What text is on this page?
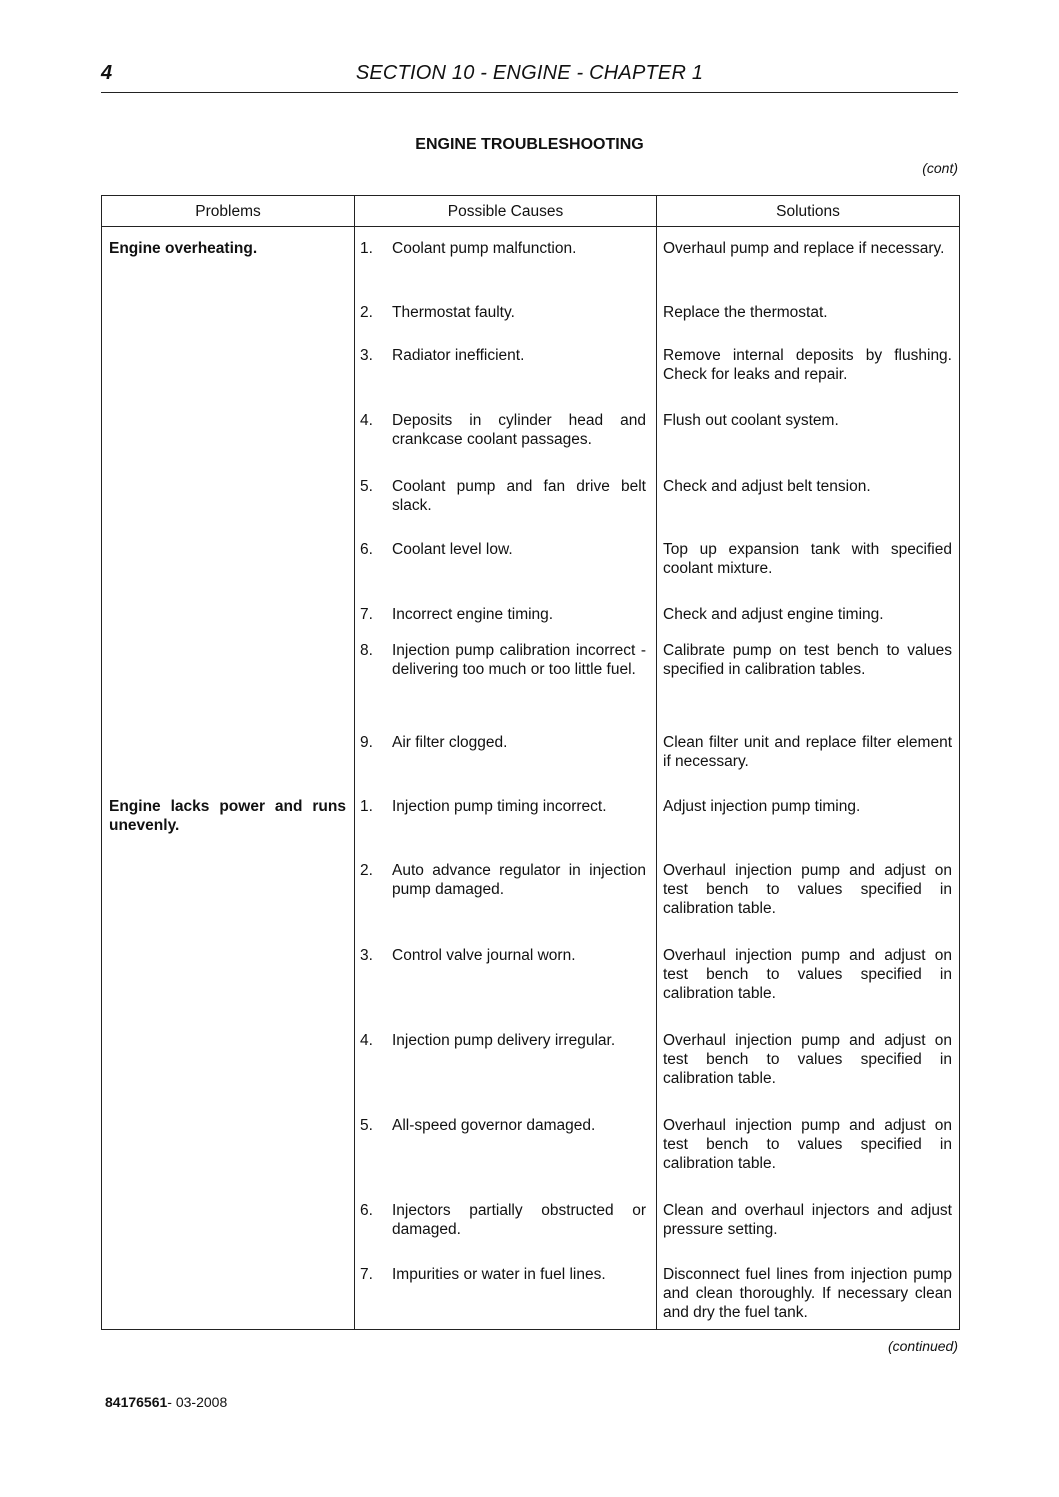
4	SECTION 10 - ENGINE - CHAPTER 1
ENGINE TROUBLESHOOTING
(cont)
Problems	Possible Causes	Solutions

Engine overheating.	1. Coolant pump malfunction.	Overhaul pump and replace if necessary.

	2. Thermostat faulty.	Replace the thermostat.

	3. Radiator inefficient.	Remove internal deposits by flushing. Check for leaks and repair.

	4. Deposits in cylinder head and crankcase coolant passages.	Flush out coolant system.

	5. Coolant pump and fan drive belt slack.	Check and adjust belt tension.

	6. Coolant level low.	Top up expansion tank with specified coolant mixture.

	7. Incorrect engine timing.	Check and adjust engine timing.

	8. Injection pump calibration incorrect - delivering too much or too little fuel.	Calibrate pump on test bench to values specified in calibration tables.

	9. Air filter clogged.	Clean filter unit and replace filter element if necessary.

Engine lacks power and runs unevenly.	1. Injection pump timing incorrect.	Adjust injection pump timing.

	2. Auto advance regulator in injection pump damaged.	Overhaul injection pump and adjust on test bench to values specified in calibration table.

	3. Control valve journal worn.	Overhaul injection pump and adjust on test bench to values specified in calibration table.

	4. Injection pump delivery irregular.	Overhaul injection pump and adjust on test bench to values specified in calibration table.

	5. All-speed governor damaged.	Overhaul injection pump and adjust on test bench to values specified in calibration table.

	6. Injectors partially obstructed or damaged.	Clean and overhaul injectors and adjust pressure setting.

	7. Impurities or water in fuel lines.	Disconnect fuel lines from injection pump and clean thoroughly. If necessary clean and dry the fuel tank.
(continued)
84176561- 03-2008
